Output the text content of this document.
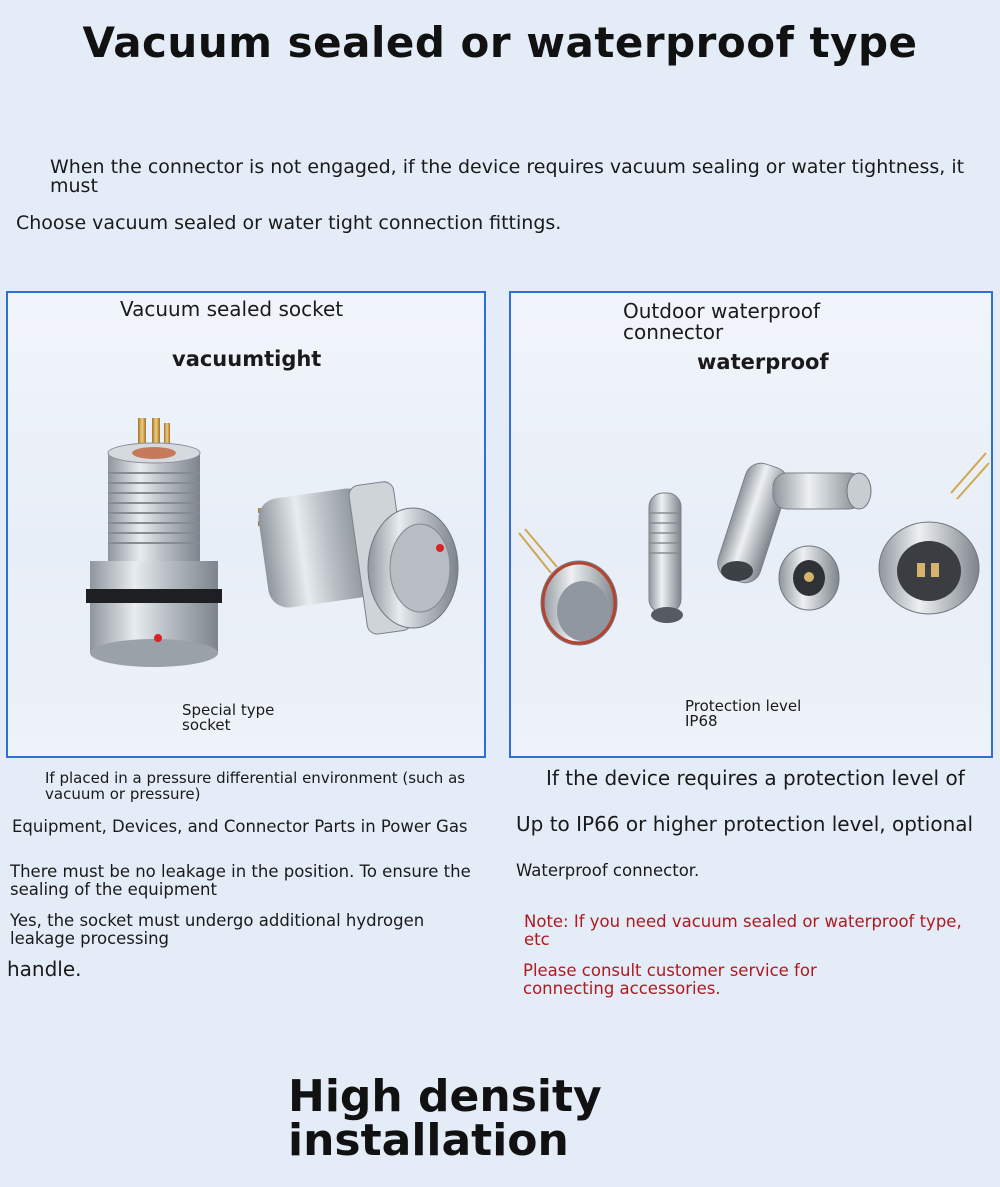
Vacuum sealed or waterproof type
When the connector is not engaged, if the device requires vacuum sealing or water tightness, it must
Choose vacuum sealed or water tight connection fittings.
Vacuum sealed socket
vacuumtight
Special type socket
Outdoor waterproof connector
waterproof
Protection level IP68
If placed in a pressure differential environment (such as vacuum or pressure)
Equipment, Devices, and Connector Parts in Power Gas
There must be no leakage in the position. To ensure the sealing of the equipment
Yes, the socket must undergo additional hydrogen leakage processing
handle.
If the device requires a protection level of
Up to IP66 or higher protection level, optional
Waterproof connector.
Note: If you need vacuum sealed or waterproof type, etc
Please consult customer service for connecting accessories.
High density installation
